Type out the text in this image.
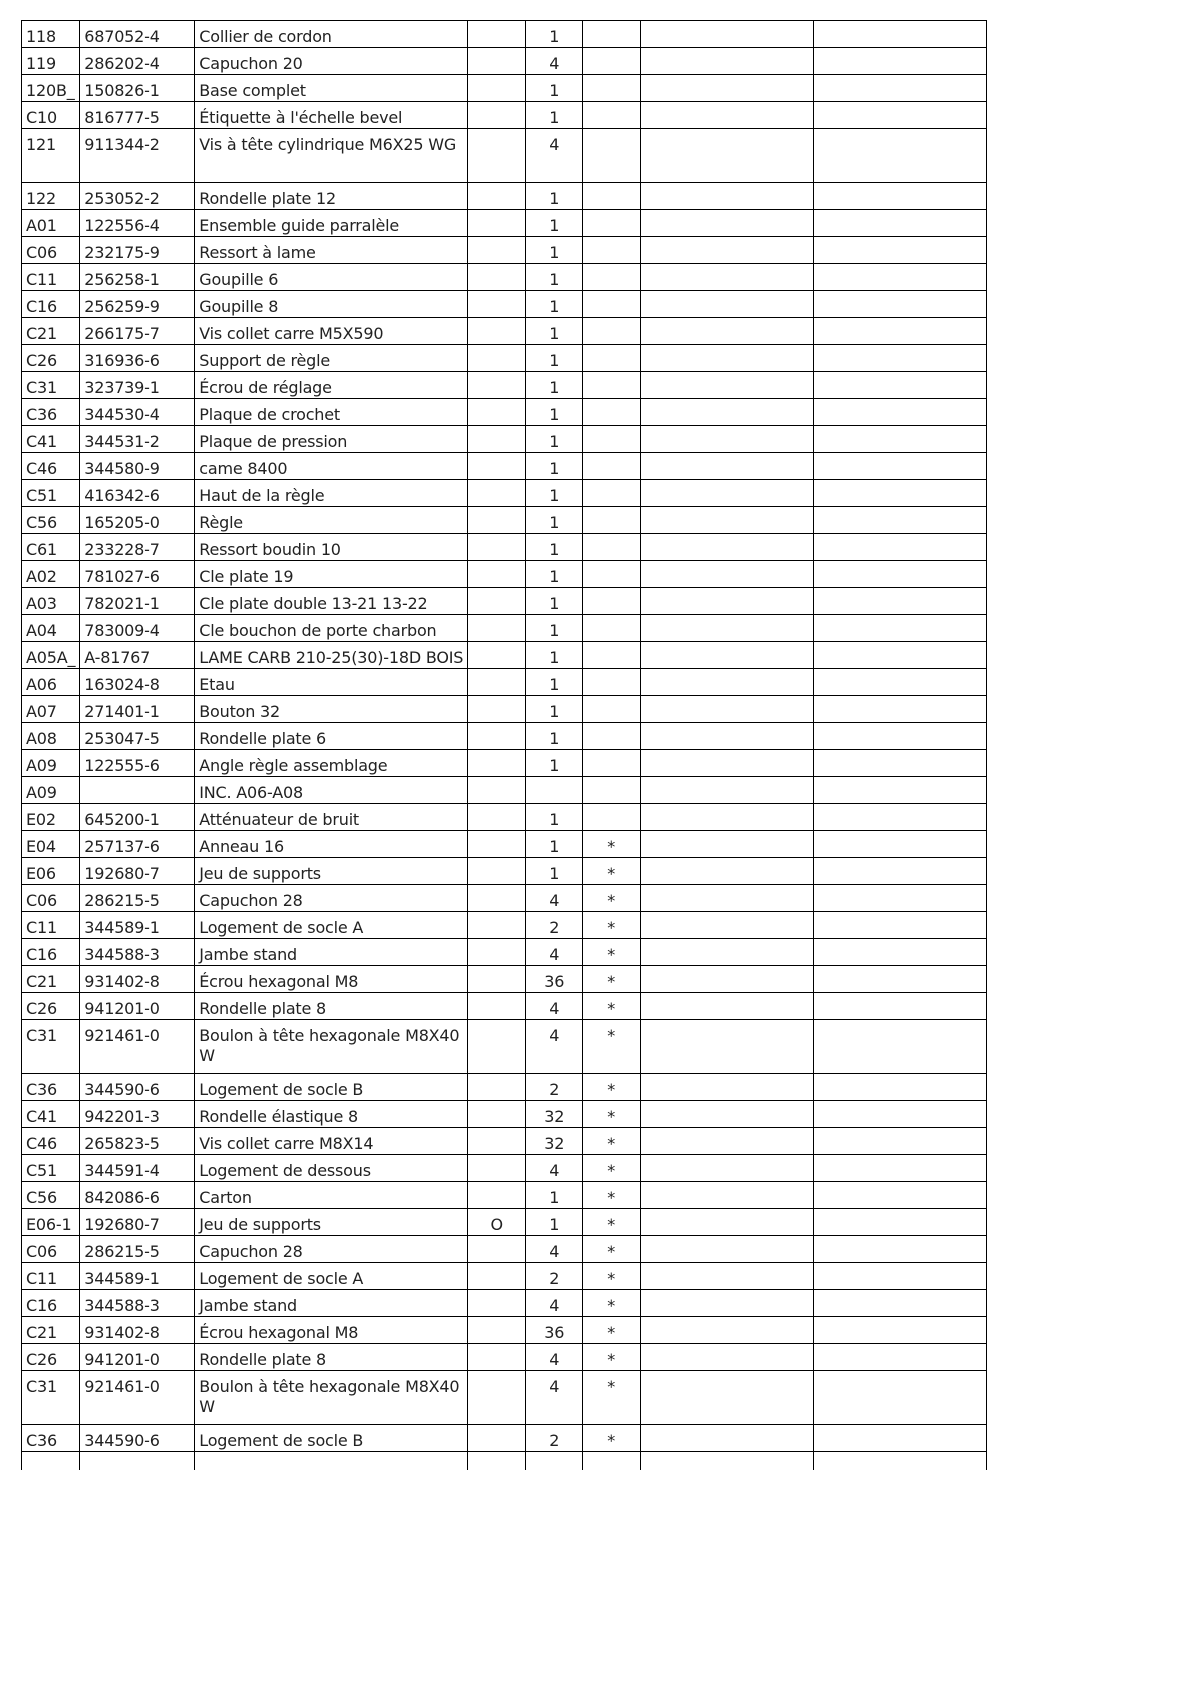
118	687052-4	Collier de cordon		1			
119	286202-4	Capuchon 20		4			
120B_	150826-1	Base complet		1			
C10	816777-5	Étiquette à l'échelle bevel		1			
121	911344-2	Vis à tête cylindrique M6X25 WG		4			
122	253052-2	Rondelle plate 12		1			
A01	122556-4	Ensemble guide parralèle		1			
C06	232175-9	Ressort à lame		1			
C11	256258-1	Goupille 6		1			
C16	256259-9	Goupille 8		1			
C21	266175-7	Vis collet carre M5X590		1			
C26	316936-6	Support de règle		1			
C31	323739-1	Écrou de réglage		1			
C36	344530-4	Plaque de crochet		1			
C41	344531-2	Plaque de pression		1			
C46	344580-9	came 8400		1			
C51	416342-6	Haut de la règle		1			
C56	165205-0	Règle		1			
C61	233228-7	Ressort boudin 10		1			
A02	781027-6	Cle plate 19		1			
A03	782021-1	Cle plate double 13-21 13-22		1			
A04	783009-4	Cle bouchon de porte charbon		1			
A05A_	A-81767	LAME CARB 210-25(30)-18D BOIS		1			
A06	163024-8	Etau		1			
A07	271401-1	Bouton 32		1			
A08	253047-5	Rondelle plate 6		1			
A09	122555-6	Angle règle assemblage		1			
A09		INC. A06-A08					
E02	645200-1	Atténuateur de bruit		1			
E04	257137-6	Anneau 16		1	*		
E06	192680-7	Jeu de supports		1	*		
C06	286215-5	Capuchon 28		4	*		
C11	344589-1	Logement de socle A		2	*		
C16	344588-3	Jambe stand		4	*		
C21	931402-8	Écrou hexagonal M8		36	*		
C26	941201-0	Rondelle plate 8		4	*		
C31	921461-0	Boulon à tête hexagonale M8X40 W		4	*		
C36	344590-6	Logement de socle B		2	*		
C41	942201-3	Rondelle élastique 8		32	*		
C46	265823-5	Vis collet carre M8X14		32	*		
C51	344591-4	Logement de dessous		4	*		
C56	842086-6	Carton		1	*		
E06-1	192680-7	Jeu de supports	O	1	*		
C06	286215-5	Capuchon 28		4	*		
C11	344589-1	Logement de socle A		2	*		
C16	344588-3	Jambe stand		4	*		
C21	931402-8	Écrou hexagonal M8		36	*		
C26	941201-0	Rondelle plate 8		4	*		
C31	921461-0	Boulon à tête hexagonale M8X40 W		4	*		
C36	344590-6	Logement de socle B		2	*		
